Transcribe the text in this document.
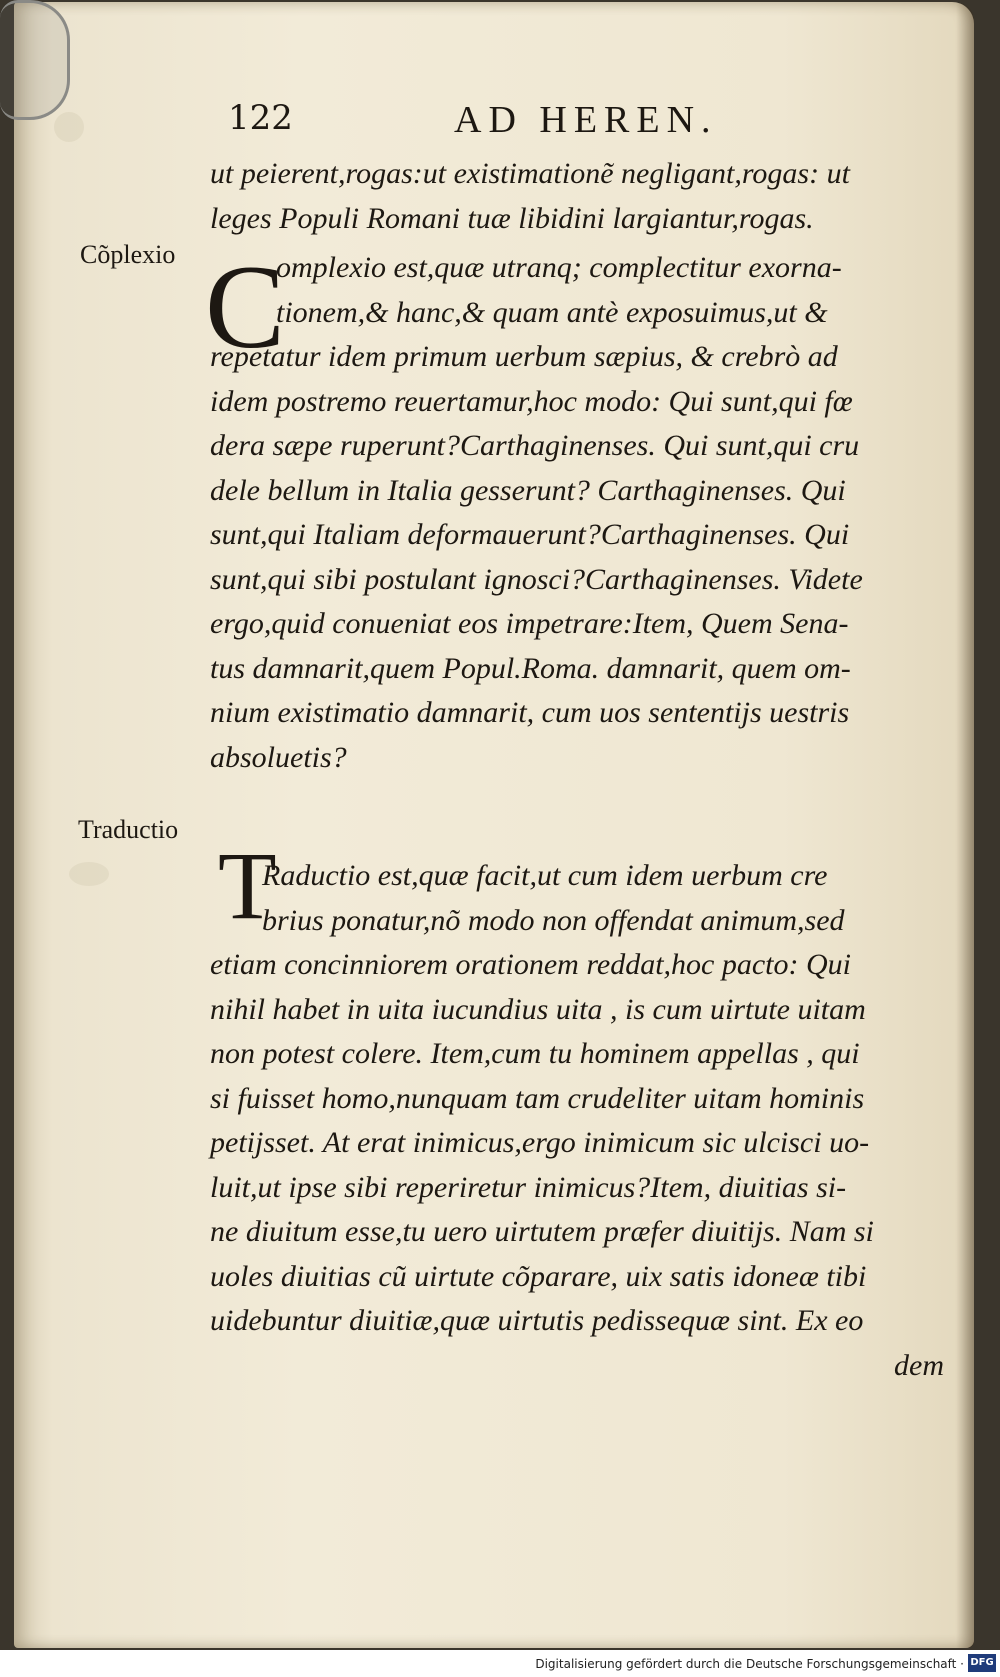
122	AD HEREN.
ut peierent,rogas:ut existimationẽ negligant,rogas: ut
leges Populi Romani tuæ libidini largiantur,rogas.
Cõplexio C
omplexio est,quæ utranq; complectitur exorna-
tionem,& hanc,& quam antè exposuimus,ut &
repetatur idem primum uerbum sæpius, & crebrò ad
idem postremo reuertamur,hoc modo: Qui sunt,qui fœ
dera sæpe ruperunt?Carthaginenses. Qui sunt,qui cru
dele bellum in Italia gesserunt? Carthaginenses. Qui
sunt,qui Italiam deformauerunt?Carthaginenses. Qui
sunt,qui sibi postulant ignosci?Carthaginenses. Videte
ergo,quid conueniat eos impetrare:Item, Quem Sena-
tus damnarit,quem Popul.Roma. damnarit, quem om-
nium existimatio damnarit, cum uos sententijs uestris
absoluetis?
Traductio
T
Raductio est,quæ facit,ut cum idem uerbum cre
brius ponatur,nõ modo non offendat animum,sed
etiam concinniorem orationem reddat,hoc pacto: Qui
nihil habet in uita iucundius uita , is cum uirtute uitam
non potest colere. Item,cum tu hominem appellas , qui
si fuisset homo,nunquam tam crudeliter uitam hominis
petijsset. At erat inimicus,ergo inimicum sic ulcisci uo-
luit,ut ipse sibi reperiretur inimicus?Item, diuitias si-
ne diuitum esse,tu uero uirtutem præfer diuitijs. Nam si
uoles diuitias cũ uirtute cõparare, uix satis idoneæ tibi
uidebuntur diuitiæ,quæ uirtutis pedissequæ sint. Ex eo
dem
Digitalisierung gefördert durch die Deutsche Forschungsgemeinschaft · DFG
